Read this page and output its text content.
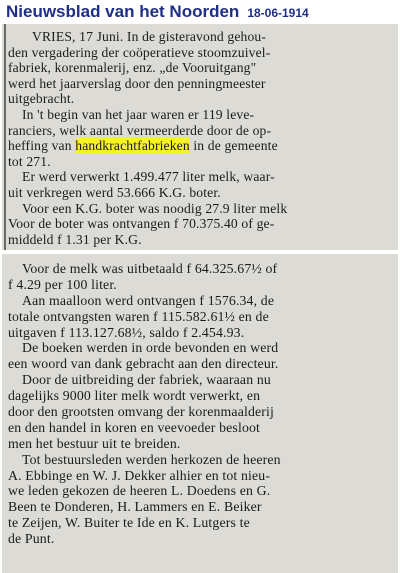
Nieuwsblad van het Noorden 18-06-1914
VRIES, 17 Juni. In de gisteravond gehou-
den vergadering der coöperatieve stoomzuivel-
fabriek, korenmalerij, enz. „de Vooruitgang"
werd het jaarverslag door den penningmeester
uitgebracht.
In 't begin van het jaar waren er 119 leve-
ranciers, welk aantal vermeerderde door de op-
heffing van handkrachtfabrieken in de gemeente
tot 271.
Er werd verwerkt 1.499.477 liter melk, waar-
uit verkregen werd 53.666 K.G. boter.
Voor een K.G. boter was noodig 27.9 liter melk
Voor de boter was ontvangen f 70.375.40 of ge-
middeld f 1.31 per K.G.
Voor de melk was uitbetaald f 64.325.67½ of
f 4.29 per 100 liter.
Aan maalloon werd ontvangen f 1576.34, de
totale ontvangsten waren f 115.582.61½ en de
uitgaven f 113.127.68½, saldo f 2.454.93.
De boeken werden in orde bevonden en werd
een woord van dank gebracht aan den directeur.
Door de uitbreiding der fabriek, waaraan nu
dagelijks 9000 liter melk wordt verwerkt, en
door den grootsten omvang der korenmaalderij
en den handel in koren en veevoeder besloot
men het bestuur uit te breiden.
Tot bestuursleden werden herkozen de heeren
A. Ebbinge en W. J. Dekker alhier en tot nieu-
we leden gekozen de heeren L. Doedens en G.
Been te Donderen, H. Lammers en E. Beiker
te Zeijen, W. Buiter te Ide en K. Lutgers te
de Punt.
